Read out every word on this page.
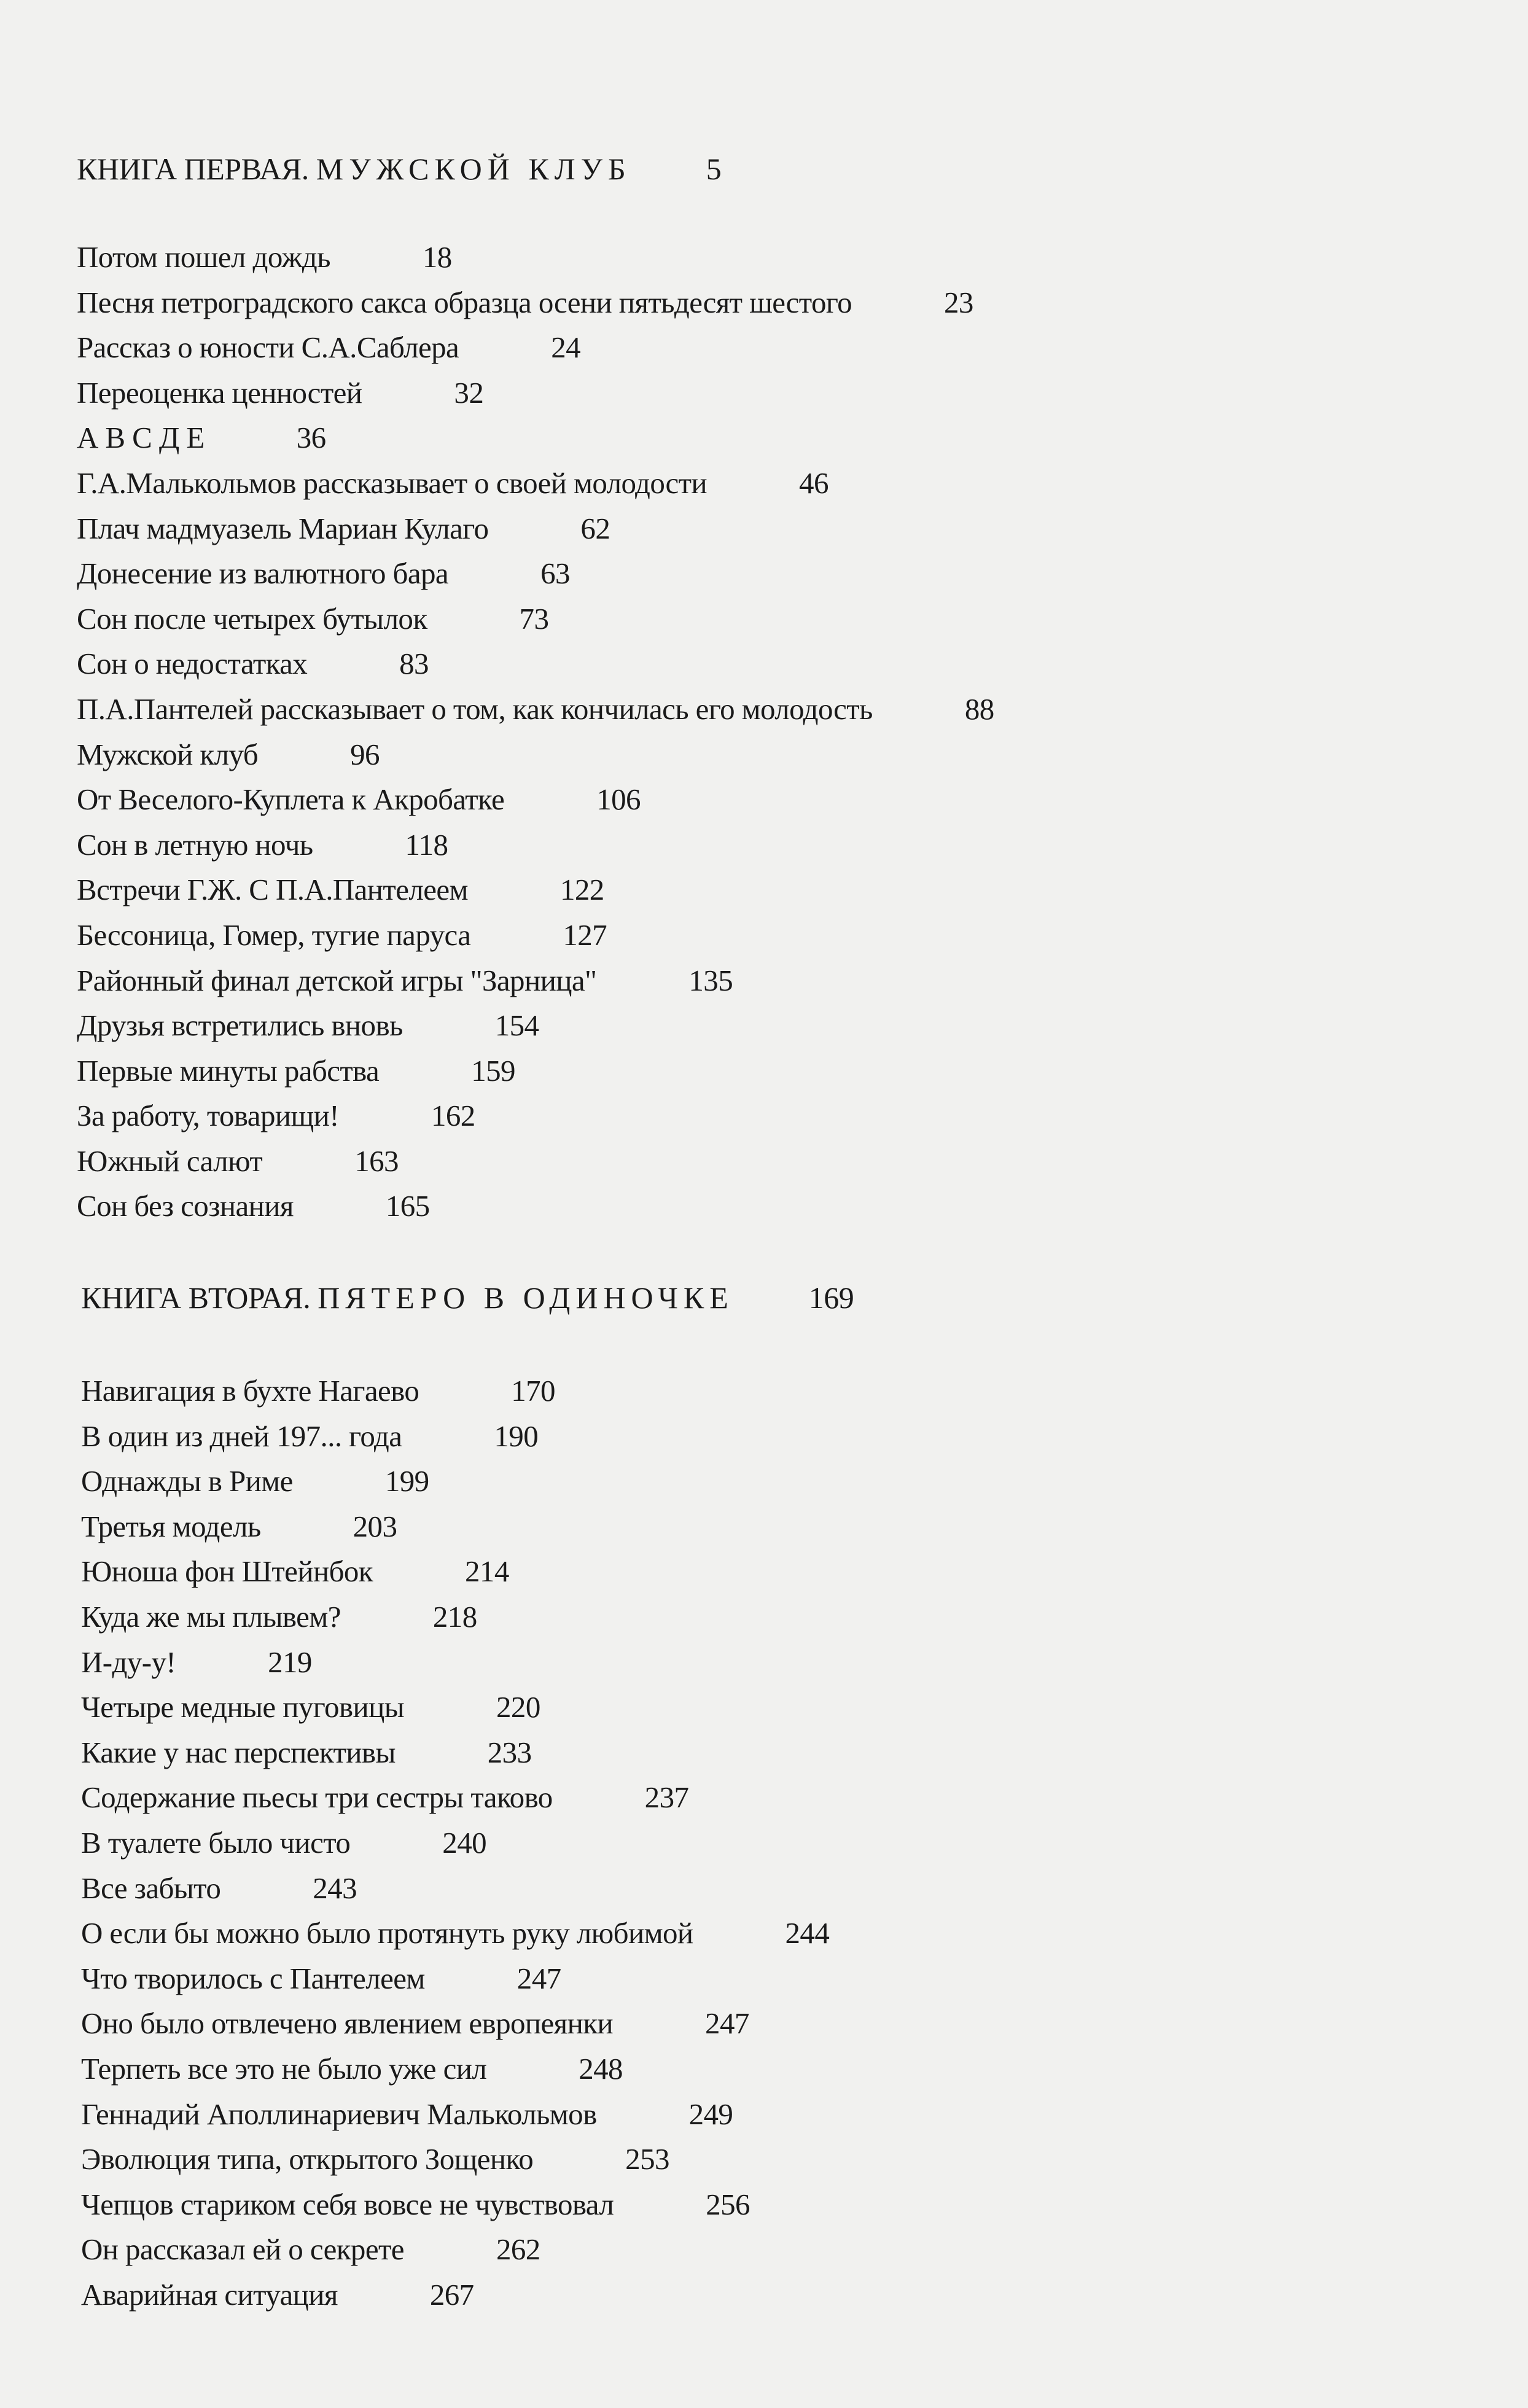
КНИГА ПЕРВАЯ. МУЖСКОЙ КЛУБ 5
Потом пошел дождь	18
Песня петроградского сакса образца осени пятьдесят шестого	23
Рассказ о юности С.А.Саблера	24
Переоценка ценностей	32
А В С Д Е	36
Г.А.Малькольмов рассказывает о своей молодости	46
Плач мадмуазель Мариан Кулаго	62
Донесение из валютного бара	63
Сон после четырех бутылок	73
Сон о недостатках	83
П.А.Пантелей рассказывает о том, как кончилась его молодость	88
Мужской клуб	96
От Веселого-Куплета к Акробатке	106
Сон в летную ночь	118
Встречи Г.Ж. С П.А.Пантелеем	122
Бессоница, Гомер, тугие паруса	127
Районный финал детской игры "Зарница"	135
Друзья встретились вновь	154
Первые минуты рабства	159
За работу, товарищи!	162
Южный салют	163
Сон без сознания	165
КНИГА ВТОРАЯ. ПЯТЕРО В ОДИНОЧКЕ 169
Навигация в бухте Нагаево	170
В один из дней 197... года	190
Однажды в Риме	199
Третья модель	203
Юноша фон Штейнбок	214
Куда же мы плывем?	218
И-ду-у!	219
Четыре медные пуговицы	220
Какие у нас перспективы	233
Содержание пьесы три сестры таково	237
В туалете было чисто	240
Все забыто	243
О если бы можно было протянуть руку любимой	244
Что творилось с Пантелеем	247
Оно было отвлечено явлением европеянки	247
Терпеть все это не было уже сил	248
Геннадий Аполлинариевич Малькольмов	249
Эволюция типа, открытого Зощенко	253
Чепцов стариком себя вовсе не чувствовал	256
Он рассказал ей о секрете	262
Аварийная ситуация	267
